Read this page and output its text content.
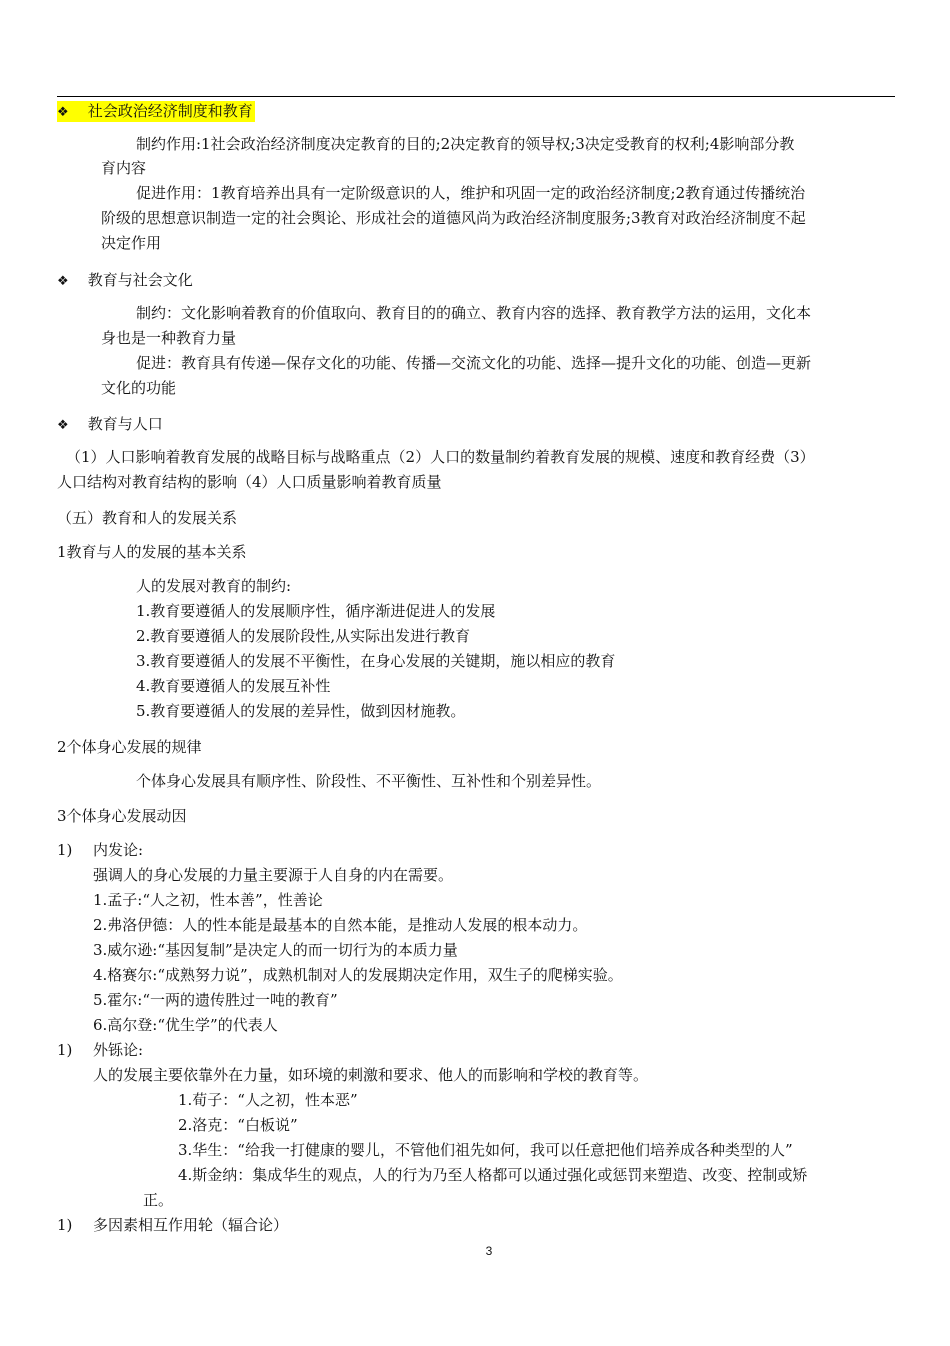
❖ 社会政治经济制度和教育
制约作用:1社会政治经济制度决定教育的目的;2决定教育的领导权;3决定受教育的权利;4影响部分教
育内容
促进作用：1教育培养出具有一定阶级意识的人，维护和巩固一定的政治经济制度;2教育通过传播统治
阶级的思想意识制造一定的社会舆论、形成社会的道德风尚为政治经济制度服务;3教育对政治经济制度不起
决定作用
❖ 教育与社会文化
制约：文化影响着教育的价值取向、教育目的的确立、教育内容的选择、教育教学方法的运用，文化本
身也是一种教育力量
促进：教育具有传递—保存文化的功能、传播—交流文化的功能、选择—提升文化的功能、创造—更新
文化的功能
❖ 教育与人口
（1）人口影响着教育发展的战略目标与战略重点（2）人口的数量制约着教育发展的规模、速度和教育经费（3）
人口结构对教育结构的影响（4）人口质量影响着教育质量
（五）教育和人的发展关系
1教育与人的发展的基本关系
人的发展对教育的制约:
1.教育要遵循人的发展顺序性，循序渐进促进人的发展
2.教育要遵循人的发展阶段性,从实际出发进行教育
3.教育要遵循人的发展不平衡性，在身心发展的关键期，施以相应的教育
4.教育要遵循人的发展互补性
5.教育要遵循人的发展的差异性，做到因材施教。
2个体身心发展的规律
个体身心发展具有顺序性、阶段性、不平衡性、互补性和个别差异性。
3个体身心发展动因
1) 内发论:
强调人的身心发展的力量主要源于人自身的内在需要。
1.孟子:“人之初，性本善”，性善论
2.弗洛伊德：人的性本能是最基本的自然本能，是推动人发展的根本动力。
3.威尔逊:“基因复制”是决定人的而一切行为的本质力量
4.格赛尔:“成熟努力说”，成熟机制对人的发展期决定作用，双生子的爬梯实验。
5.霍尔:“一两的遗传胜过一吨的教育”
6.高尔登:“优生学”的代表人
1) 外铄论:
人的发展主要依靠外在力量，如环境的刺激和要求、他人的而影响和学校的教育等。
1.荀子：“人之初，性本恶”
2.洛克：“白板说”
3.华生：“给我一打健康的婴儿，不管他们祖先如何，我可以任意把他们培养成各种类型的人”
4.斯金纳：集成华生的观点，人的行为乃至人格都可以通过强化或惩罚来塑造、改变、控制或矫
正。
1) 多因素相互作用轮（辐合论）
3
